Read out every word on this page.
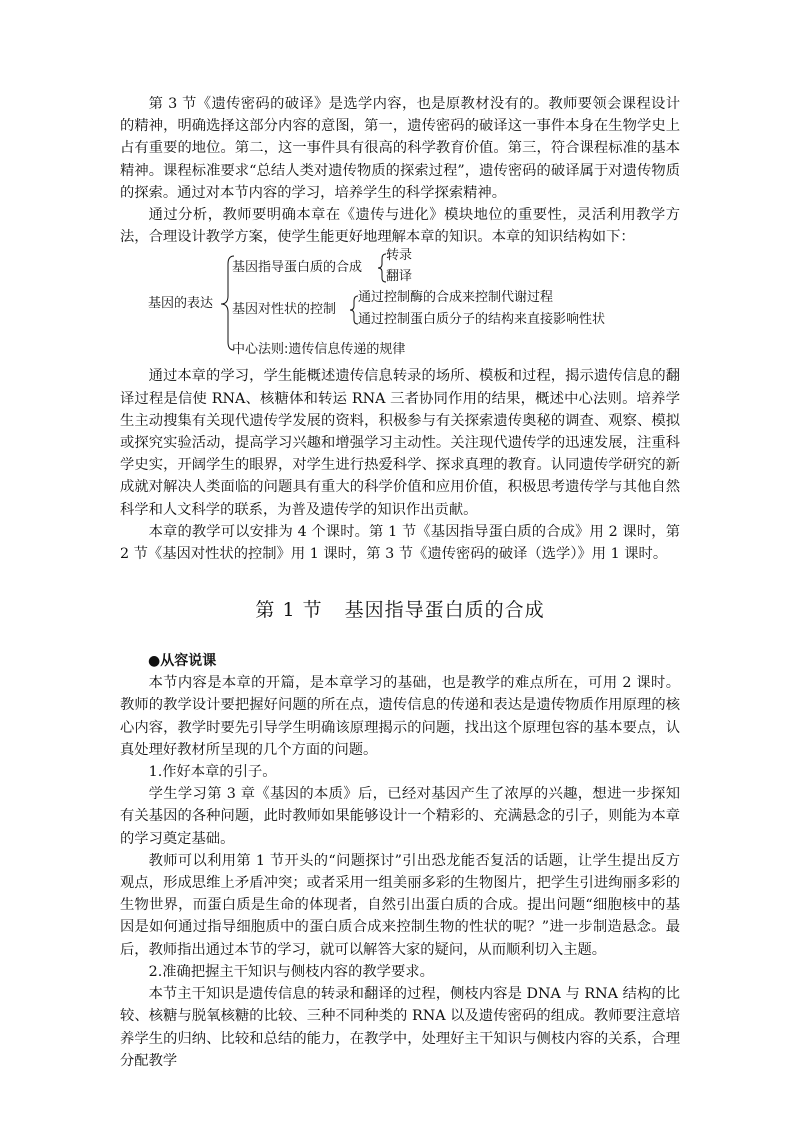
第 3 节《遗传密码的破译》是选学内容，也是原教材没有的。教师要领会课程设计的精神，明确选择这部分内容的意图，第一，遗传密码的破译这一事件本身在生物学史上占有重要的地位。第二，这一事件具有很高的科学教育价值。第三，符合课程标准的基本精神。课程标准要求“总结人类对遗传物质的探索过程”，遗传密码的破译属于对遗传物质的探索。通过对本节内容的学习，培养学生的科学探索精神。

通过分析，教师要明确本章在《遗传与进化》模块地位的重要性，灵活利用教学方法，合理设计教学方案，使学生能更好地理解本章的知识。本章的知识结构如下：

基因的表达
基因指导蛋白质的合成
转录
翻译
基因对性状的控制
通过控制酶的合成来控制代谢过程
通过控制蛋白质分子的结构来直接影响性状
中心法则:遗传信息传递的规律

通过本章的学习，学生能概述遗传信息转录的场所、模板和过程，揭示遗传信息的翻译过程是信使 RNA、核糖体和转运 RNA 三者协同作用的结果，概述中心法则。培养学生主动搜集有关现代遗传学发展的资料，积极参与有关探索遗传奥秘的调查、观察、模拟或探究实验活动，提高学习兴趣和增强学习主动性。关注现代遗传学的迅速发展，注重科学史实，开阔学生的眼界，对学生进行热爱科学、探求真理的教育。认同遗传学研究的新成就对解决人类面临的问题具有重大的科学价值和应用价值，积极思考遗传学与其他自然科学和人文科学的联系，为普及遗传学的知识作出贡献。

本章的教学可以安排为 4 个课时。第 1 节《基因指导蛋白质的合成》用 2 课时，第 2 节《基因对性状的控制》用 1 课时，第 3 节《遗传密码的破译（选学）》用 1 课时。

第 1 节 基因指导蛋白质的合成
●从容说课

本节内容是本章的开篇，是本章学习的基础，也是教学的难点所在，可用 2 课时。教师的教学设计要把握好问题的所在点，遗传信息的传递和表达是遗传物质作用原理的核心内容，教学时要先引导学生明确该原理揭示的问题，找出这个原理包容的基本要点，认真处理好教材所呈现的几个方面的问题。

1.作好本章的引子。

学生学习第 3 章《基因的本质》后，已经对基因产生了浓厚的兴趣，想进一步探知有关基因的各种问题，此时教师如果能够设计一个精彩的、充满悬念的引子，则能为本章的学习奠定基础。

教师可以利用第 1 节开头的“问题探讨”引出恐龙能否复活的话题，让学生提出反方观点，形成思维上矛盾冲突；或者采用一组美丽多彩的生物图片，把学生引进绚丽多彩的生物世界，而蛋白质是生命的体现者，自然引出蛋白质的合成。提出问题“细胞核中的基因是如何通过指导细胞质中的蛋白质合成来控制生物的性状的呢？”进一步制造悬念。最后，教师指出通过本节的学习，就可以解答大家的疑问，从而顺利切入主题。

2.准确把握主干知识与侧枝内容的教学要求。

本节主干知识是遗传信息的转录和翻译的过程，侧枝内容是 DNA 与 RNA 结构的比较、核糖与脱氧核糖的比较、三种不同种类的 RNA 以及遗传密码的组成。教师要注意培养学生的归纳、比较和总结的能力，在教学中，处理好主干知识与侧枝内容的关系，合理分配教学
